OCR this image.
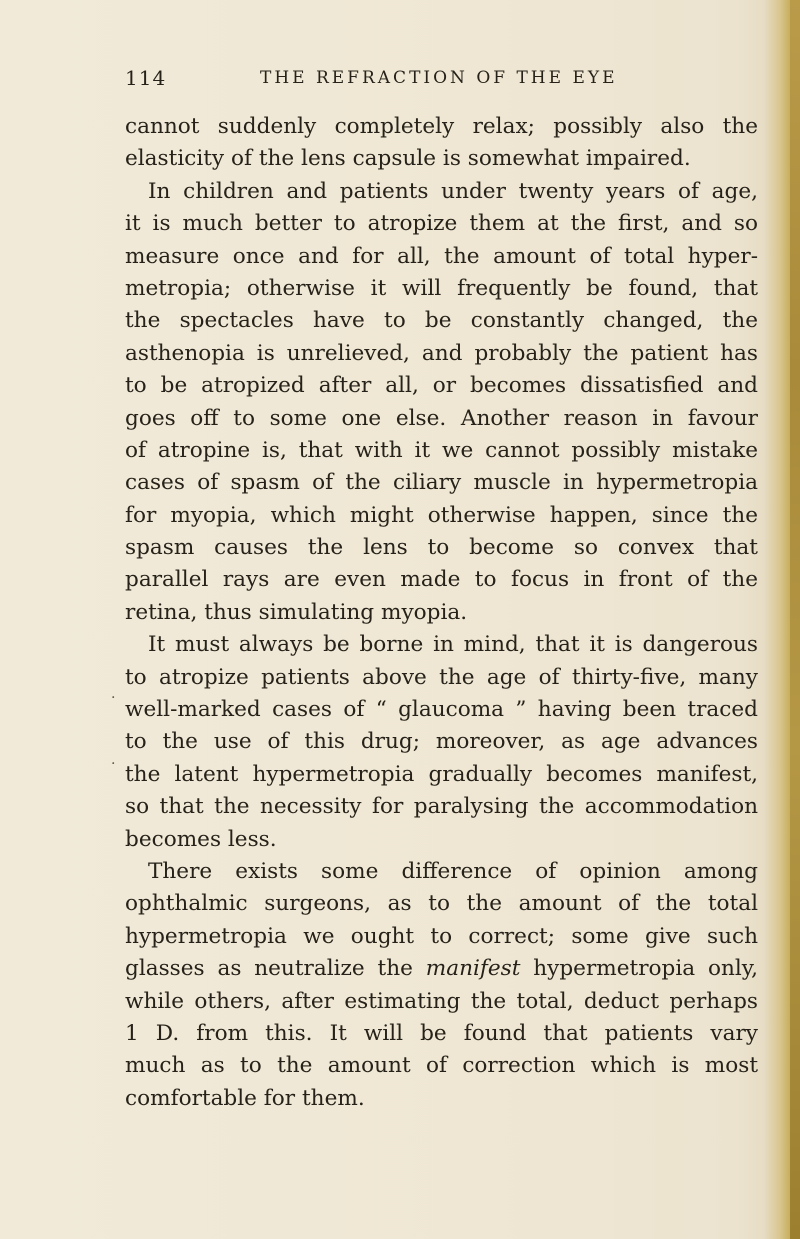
114	THE REFRACTION OF THE EYE
.
.
cannot suddenly completely relax; possibly also the
elasticity of the lens capsule is somewhat impaired.
In children and patients under twenty years of age,
it is much better to atropize them at the first, and so
measure once and for all, the amount of total hyper-
metropia; otherwise it will frequently be found, that
the spectacles have to be constantly changed, the
asthenopia is unrelieved, and probably the patient has
to be atropized after all, or becomes dissatisfied and
goes off to some one else. Another reason in favour
of atropine is, that with it we cannot possibly mistake
cases of spasm of the ciliary muscle in hypermetropia
for myopia, which might otherwise happen, since the
spasm causes the lens to become so convex that
parallel rays are even made to focus in front of the
retina, thus simulating myopia.
It must always be borne in mind, that it is dangerous
to atropize patients above the age of thirty-five, many
well-marked cases of “ glaucoma ” having been traced
to the use of this drug; moreover, as age advances
the latent hypermetropia gradually becomes manifest,
so that the necessity for paralysing the accommodation
becomes less.
There exists some difference of opinion among
ophthalmic surgeons, as to the amount of the total
hypermetropia we ought to correct; some give such
glasses as neutralize the manifest hypermetropia only,
while others, after estimating the total, deduct perhaps
1 D. from this. It will be found that patients vary
much as to the amount of correction which is most
comfortable for them.
